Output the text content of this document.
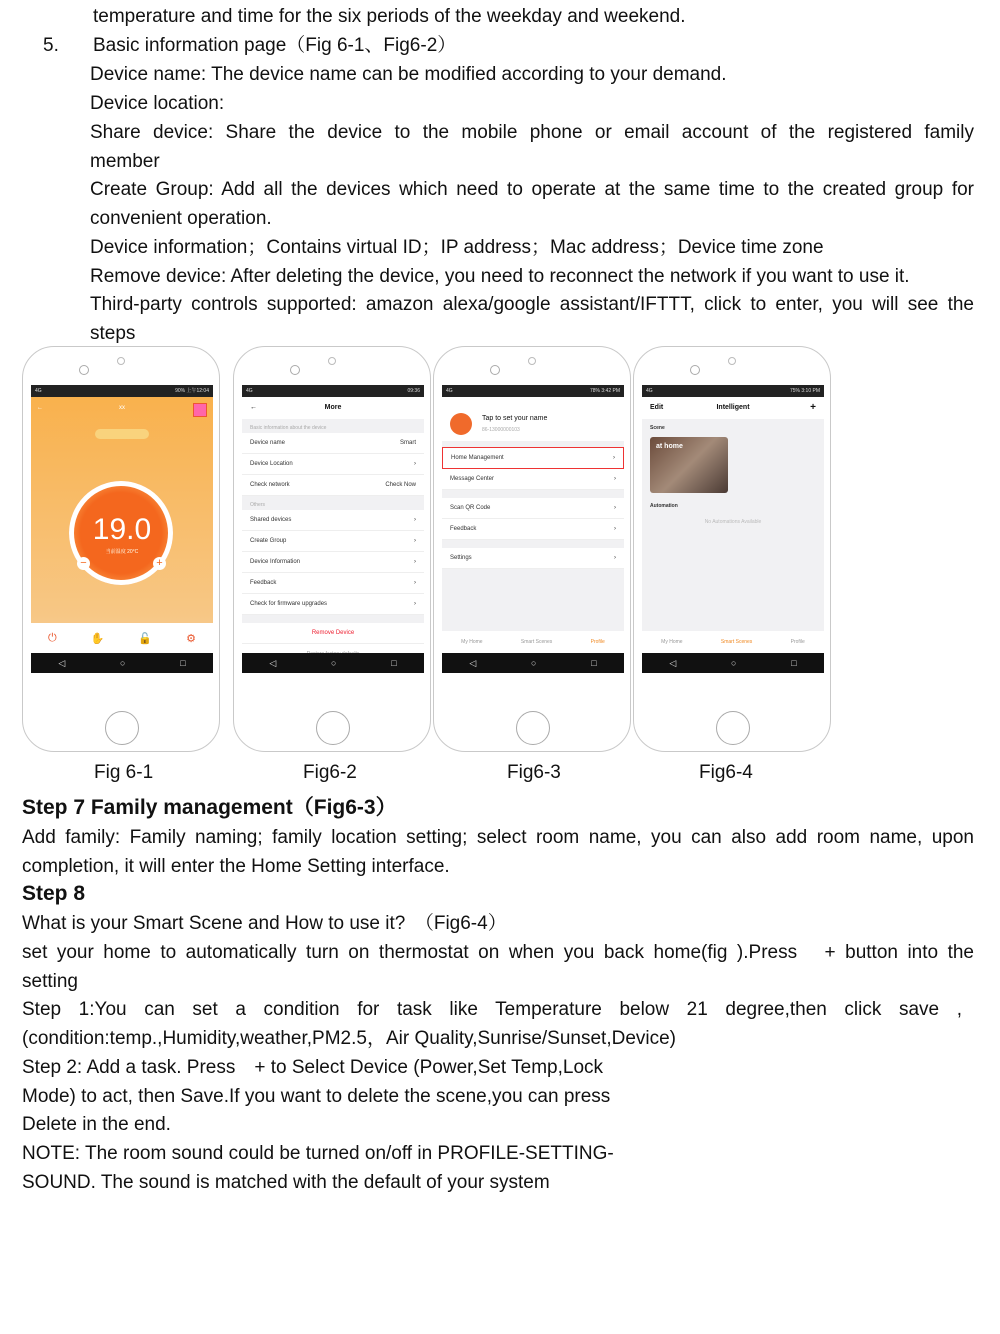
temperature and time for the six periods of the weekday and weekend.
5. Basic information page（Fig 6-1、Fig6-2）
Device name: The device name can be modified according to your demand.
Device location:
Share device: Share the device to the mobile phone or email account of the registered family
member
Create Group: Add all the devices which need to operate at the same time to the created group for
convenient operation.
Device information；Contains virtual ID；IP address；Mac address；Device time zone
Remove device: After deleting the device, you need to reconnect the network if you want to use it.
Third-party controls supported: amazon alexa/google assistant/IFTTT, click to enter, you will see the
steps
4G	90% 上午12:04
←	xx
19.0
当前温度 20°C
−	+
⏻	✋	🔓	⚙
◁	○	□
4G	09:36
←	More
Basic information about the device
Device name	Smart
Device Location	›
Check network	Check Now
Others
Shared devices	›
Create Group	›
Device Information	›
Feedback	›
Check for firmware upgrades	›
Remove Device
◁	○	□
4G	78% 3:42 PM
Tap to set your name
86-13000000103
Home Management	›
Message Center	›
Scan QR Code	›
Feedback	›
Settings	›
My Home	Smart Scenes	Profile
◁	○	□
4G	75% 3:10 PM
Edit	Intelligent	+
Scene
at home
Automation
No Automations Available
My Home	Smart Scenes	Profile
◁	○	□
Fig 6-1	Fig6-2	Fig6-3	Fig6-4
Step 7 Family management（Fig6-3）
Add family: Family naming; family location setting; select room name, you can also add room name, upon
completion, it will enter the Home Setting interface.
Step 8
What is your Smart Scene and How to use it?　（Fig6-4）
set your home to automatically turn on thermostat on when you back home(fig ).Press　+ button into the
setting
Step 1:You can set a condition for task like Temperature below 21 degree,then click save ,
(condition:temp.,Humidity,weather,PM2.5，Air Quality,Sunrise/Sunset,Device)
Step 2: Add a task. Press　+ to Select Device (Power,Set Temp,Lock
Mode) to act, then Save.If you want to delete the scene,you can press
Delete in the end.
NOTE: The room sound could be turned on/off in PROFILE-SETTING-
SOUND. The sound is matched with the default of your system
